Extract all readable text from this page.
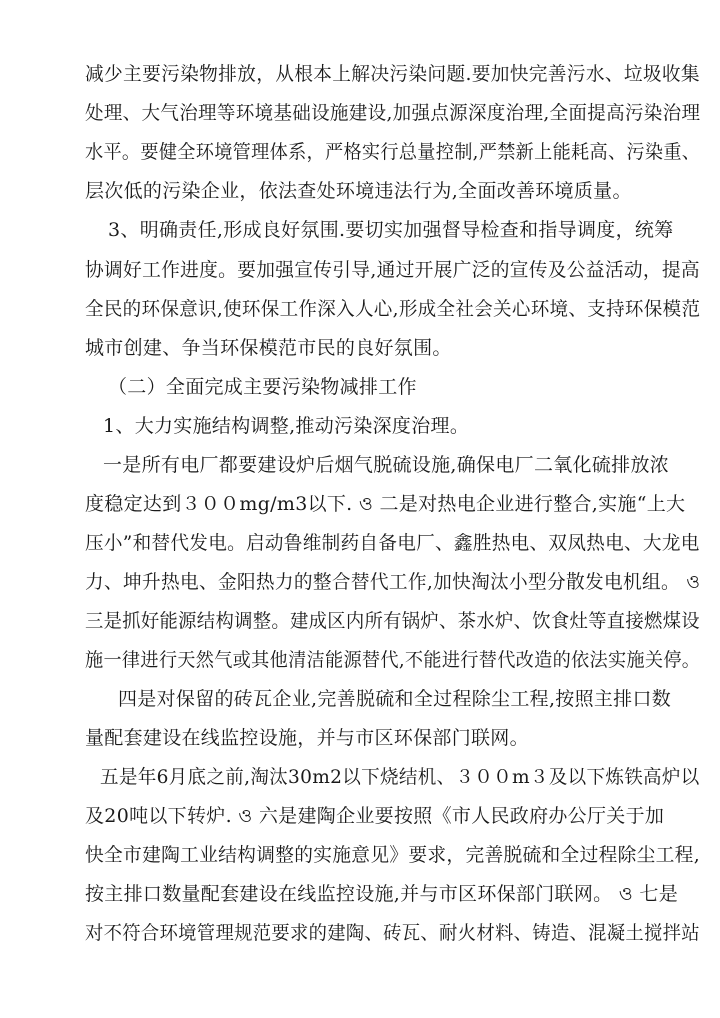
减少主要污染物排放，从根本上解决污染问题.要加快完善污水、垃圾收集
处理、大气治理等环境基础设施建设,加强点源深度治理,全面提高污染治理
水平。要健全环境管理体系，严格实行总量控制,严禁新上能耗高、污染重、
层次低的污染企业，依法查处环境违法行为,全面改善环境质量。
3、明确责任,形成良好氛围.要切实加强督导检查和指导调度，统筹
协调好工作进度。要加强宣传引导,通过开展广泛的宣传及公益活动，提高
全民的环保意识,使环保工作深入人心,形成全社会关心环境、支持环保模范
城市创建、争当环保模范市民的良好氛围。
（二）全面完成主要污染物减排工作
1、大力实施结构调整,推动污染深度治理。
一是所有电厂都要建设炉后烟气脱硫设施,确保电厂二氧化硫排放浓
度稳定达到３００mg/m3以下. ও 二是对热电企业进行整合,实施“上大
压小”和替代发电。启动鲁维制药自备电厂、鑫胜热电、双凤热电、大龙电
力、坤升热电、金阳热力的整合替代工作,加快淘汰小型分散发电机组。 ও
三是抓好能源结构调整。建成区内所有锅炉、茶水炉、饮食灶等直接燃煤设
施一律进行天然气或其他清洁能源替代,不能进行替代改造的依法实施关停。
四是对保留的砖瓦企业,完善脱硫和全过程除尘工程,按照主排口数
量配套建设在线监控设施，并与市区环保部门联网。
五是年6月底之前,淘汰30m2以下烧结机、３００m３及以下炼铁高炉以
及20吨以下转炉. ও 六是建陶企业要按照《市人民政府办公厅关于加
快全市建陶工业结构调整的实施意见》要求，完善脱硫和全过程除尘工程,
按主排口数量配套建设在线监控设施,并与市区环保部门联网。 ও 七是
对不符合环境管理规范要求的建陶、砖瓦、耐火材料、铸造、混凝土搅拌站
